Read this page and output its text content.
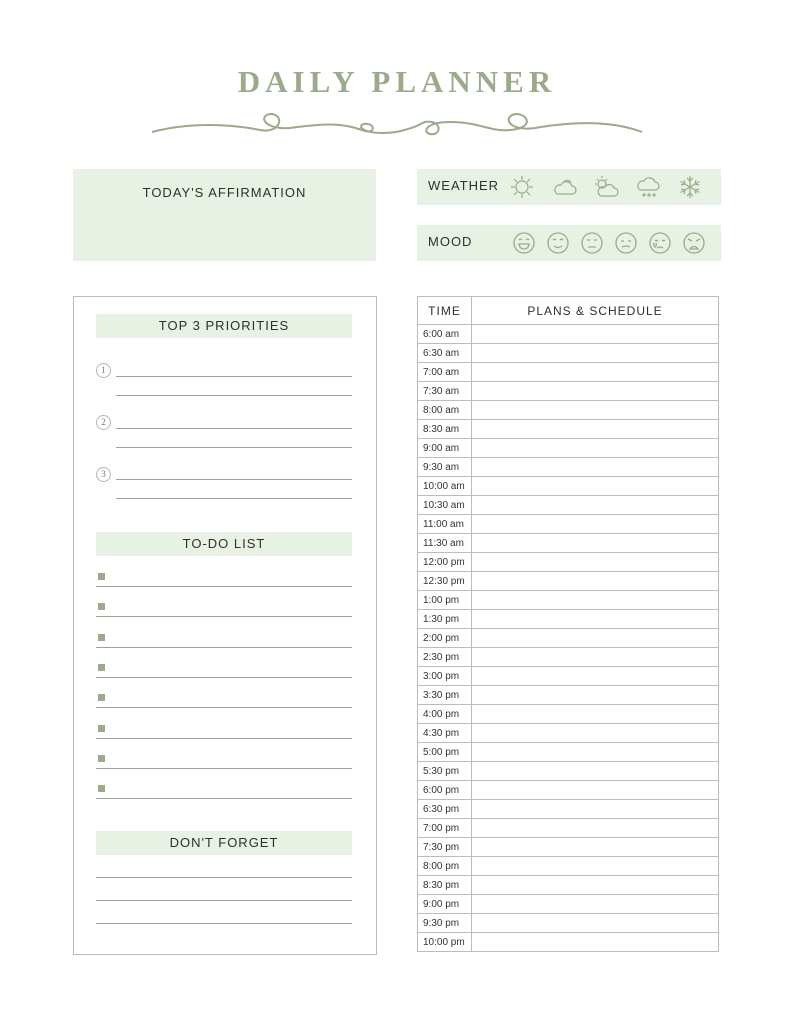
DAILY PLANNER
TODAY'S AFFIRMATION	WEATHER
MOOD
TOP 3 PRIORITIES
1
2
3
TO-DO LIST
DON'T FORGET
TIME	PLANS & SCHEDULE
6:00 am	
6:30 am	
7:00 am	
7:30 am	
8:00 am	
8:30 am	
9:00 am	
9:30 am	
10:00 am	
10:30 am	
11:00 am	
11:30 am	
12:00 pm	
12:30 pm	
1:00 pm	
1:30 pm	
2:00 pm	
2:30 pm	
3:00 pm	
3:30 pm	
4:00 pm	
4:30 pm	
5:00 pm	
5:30 pm	
6:00 pm	
6:30 pm	
7:00 pm	
7:30 pm	
8:00 pm	
8:30 pm	
9:00 pm	
9:30 pm	
10:00 pm	
